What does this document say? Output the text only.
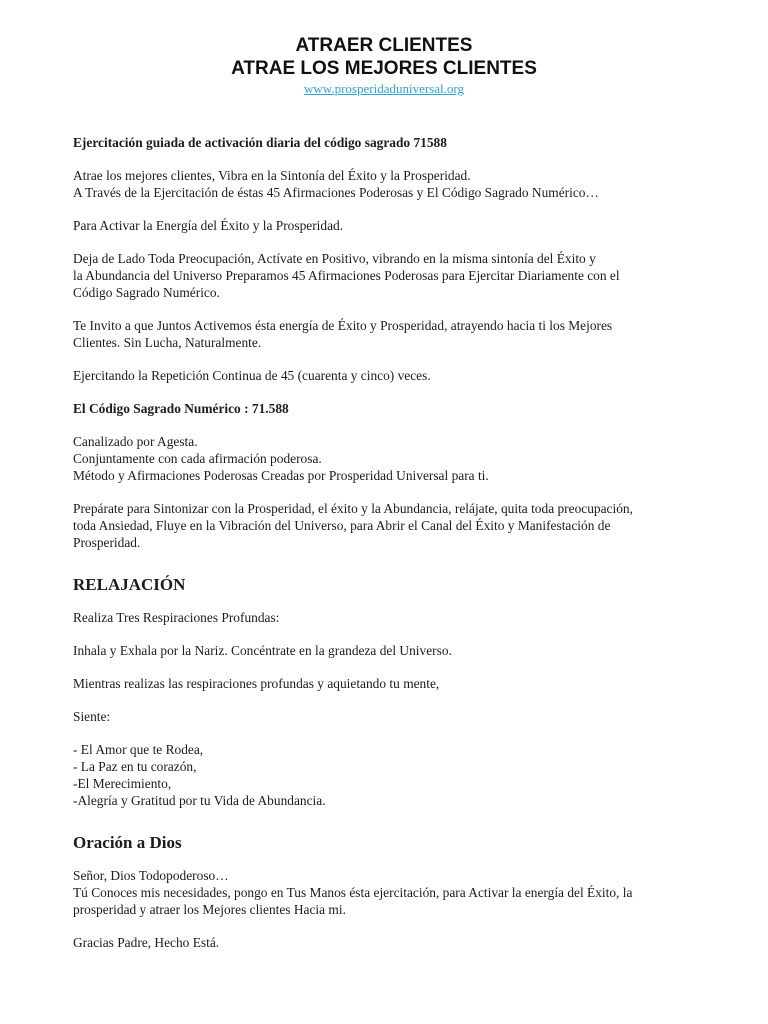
ATRAER CLIENTES
ATRAE LOS MEJORES CLIENTES
www.prosperidaduniversal.org

Ejercitación guiada de activación diaria del código sagrado 71588

Atrae los mejores clientes, Vibra en la Sintonía del Éxito y la Prosperidad.
A Través de la Ejercitación de éstas 45 Afirmaciones Poderosas y El Código Sagrado Numérico…

Para Activar la Energía del Éxito y la Prosperidad.

Deja de Lado Toda Preocupación, Actívate en Positivo, vibrando en la misma sintonía del Éxito y
la Abundancia del Universo Preparamos 45 Afirmaciones Poderosas para Ejercitar Diariamente con el
Código Sagrado Numérico.

Te Invito a que Juntos Activemos ésta energía de Éxito y Prosperidad, atrayendo hacia ti los Mejores
Clientes. Sin Lucha, Naturalmente.

Ejercitando la Repetición Continua de 45 (cuarenta y cinco) veces.

El Código Sagrado Numérico : 71.588

Canalizado por Agesta.
Conjuntamente con cada afirmación poderosa.
Método y Afirmaciones Poderosas Creadas por Prosperidad Universal para ti.

Prepárate para Sintonizar con la Prosperidad, el éxito y la Abundancia, relájate, quita toda preocupación,
toda Ansiedad, Fluye en la Vibración del Universo, para Abrir el Canal del Éxito y Manifestación de
Prosperidad.

RELAJACIÓN

Realiza Tres Respiraciones Profundas:

Inhala y Exhala por la Nariz. Concéntrate en la grandeza del Universo.

Mientras realizas las respiraciones profundas y aquietando tu mente,

Siente:

- El Amor que te Rodea,
- La Paz en tu corazón,
-El Merecimiento,
-Alegría y Gratitud por tu Vida de Abundancia.

Oración a Dios

Señor, Dios Todopoderoso…
Tú Conoces mis necesidades, pongo en Tus Manos ésta ejercitación, para Activar la energía del Éxito, la
prosperidad y atraer los Mejores clientes Hacia mi.

Gracias Padre, Hecho Está.
